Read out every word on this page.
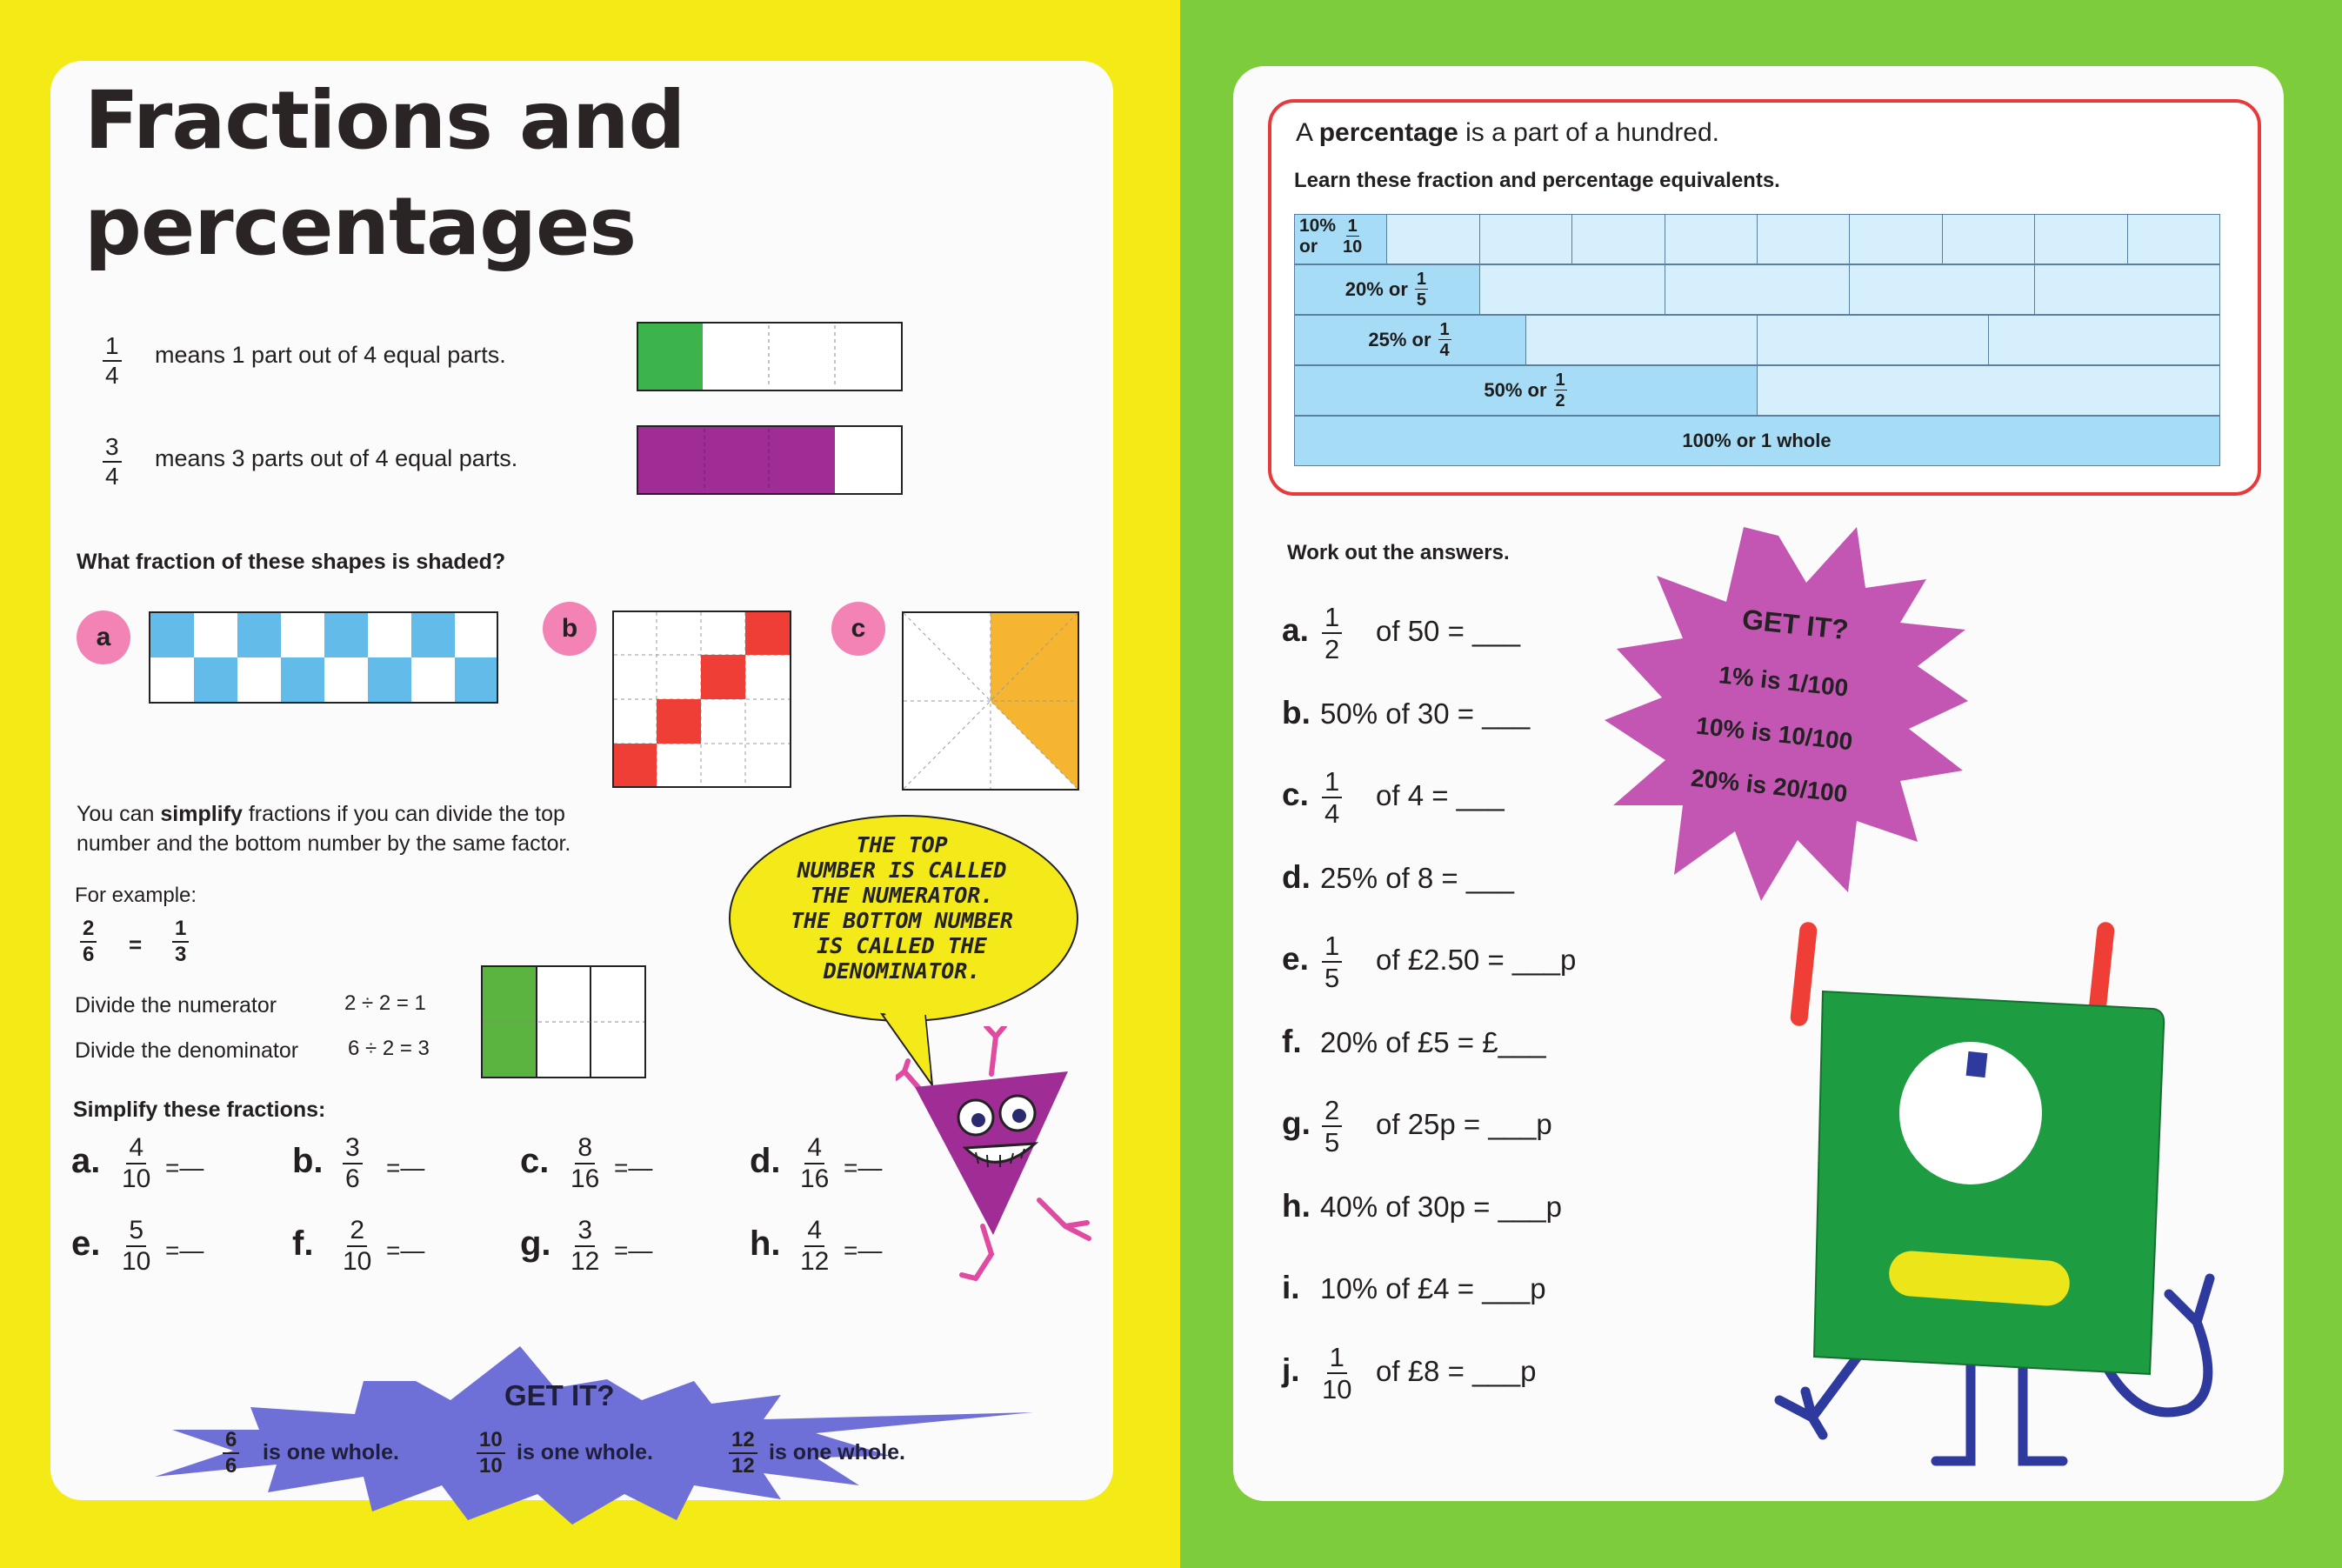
Fractions and
percentages
$\frac{1}{4}$ means 1 part out of 4 equal parts.
$\frac{3}{4}$ means 3 parts out of 4 equal parts.
What fraction of these shapes is shaded?
a	b	c
You can simplify fractions if you can divide the top
number and the bottom number by the same factor.
For example:
$\frac{2}{6} = \frac{1}{3}$
Divide the numerator	2 ÷ 2 = 1
Divide the denominator 6 ÷ 2 = 3
Simplify these fractions:
a. $\frac{4}{10}$ =—	b. $\frac{3}{6}$ =—	c. $\frac{8}{16}$ =—	d. $\frac{4}{16}$ =—
e. $\frac{5}{10}$ =—	f. $\frac{2}{10}$ =—	g. $\frac{3}{12}$ =—	h. $\frac{4}{12}$ =—
THE TOP
NUMBER IS CALLED
THE NUMERATOR.
THE BOTTOM NUMBER
IS CALLED THE
DENOMINATOR.
GET IT?
$\frac{6}{6}$ is one whole.	$\frac{10}{10}$ is one whole.	$\frac{12}{12}$ is one whole.
A percentage is a part of a hundred.
Learn these fraction and percentage equivalents.
10%
or	$\frac{1}{10}$
20% or $\frac{1}{5}$
25% or $\frac{1}{4}$
50% or $\frac{1}{2}$
100% or 1 whole
Work out the answers.
a. $\frac{1}{2}$ of 50 = ___
b. 50% of 30 = ___
c. $\frac{1}{4}$ of 4 = ___
d. 25% of 8 = ___
e. $\frac{1}{5}$ of £2.50 = ___p
f. 20% of £5 = £___
g. $\frac{2}{5}$ of 25p = ___p
h. 40% of 30p = ___p
i. 10% of £4 = ___p
j. $\frac{1}{10}$ of £8 = ___p
GET IT?
1% is 1/100
10% is 10/100
20% is 20/100
